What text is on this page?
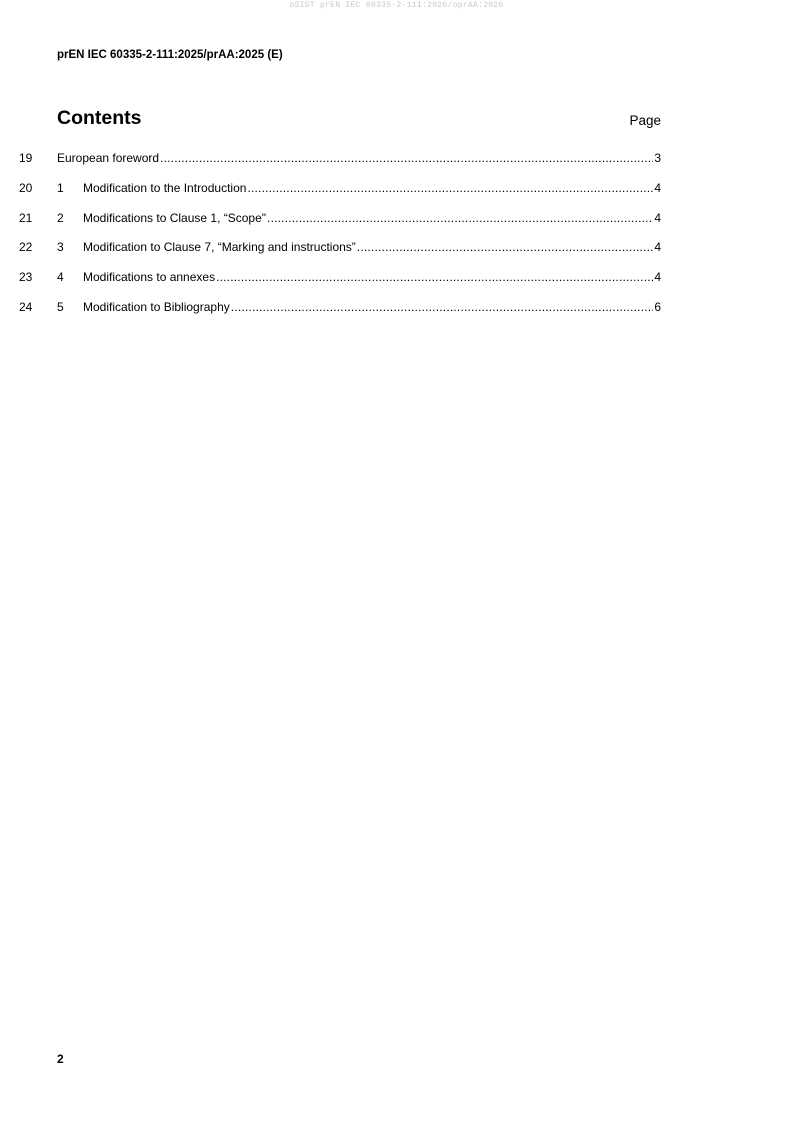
oSIST prEN IEC 60335-2-111:2026/oprAA:2026
prEN IEC 60335-2-111:2025/prAA:2025 (E)
Contents	Page
19 European foreword .....	3
20 1	Modification to the Introduction .....	4
21 2	Modifications to Clause 1, “Scope" .....	4
22 3	Modification to Clause 7, “Marking and instructions” .....	4
23 4	Modifications to annexes .....	4
24 5	Modification to Bibliography .....	6
2
